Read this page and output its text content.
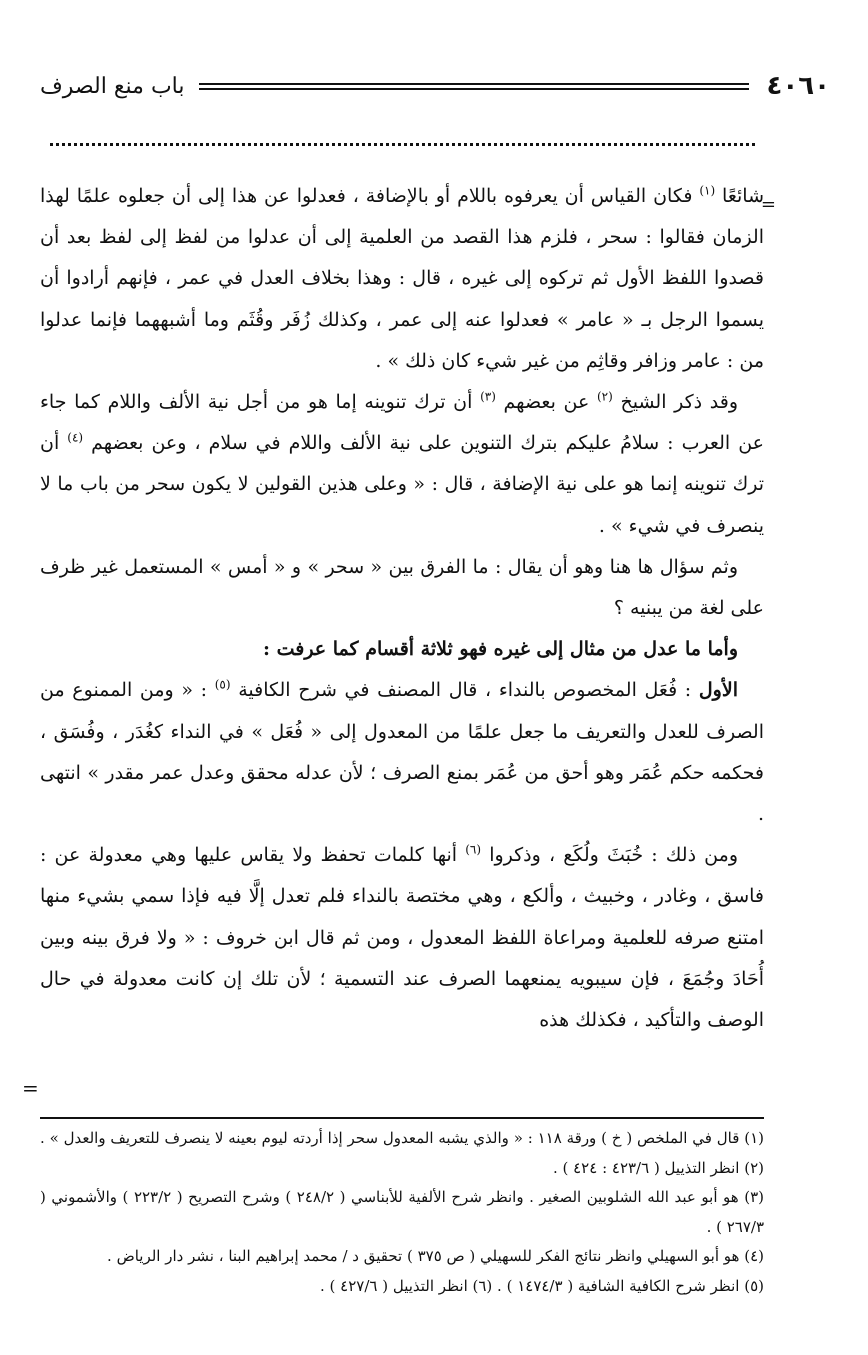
٤٠٦٠
باب منع الصرف
=

شائعًا $^{(١)}$ فكان القياس أن يعرفوه باللام أو بالإضافة ، فعدلوا عن هذا إلى أن جعلوه علمًا لهذا الزمان فقالوا : سحر ، فلزم هذا القصد من العلمية إلى أن عدلوا من لفظ إلى لفظ بعد أن قصدوا اللفظ الأول ثم تركوه إلى غيره ، قال : وهذا بخلاف العدل في عمر ، فإنهم أرادوا أن يسموا الرجل بـ « عامر » فعدلوا عنه إلى عمر ، وكذلك زُفَر وقُثَم وما أشبههما فإنما عدلوا من : عامر وزافر وقاثِم من غير شيء كان ذلك » .

وقد ذكر الشيخ $^{(٢)}$ عن بعضهم $^{(٣)}$ أن ترك تنوينه إما هو من أجل نية الألف واللام كما جاء عن العرب : سلامُ عليكم بترك التنوين على نية الألف واللام في سلام ، وعن بعضهم $^{(٤)}$ أن ترك تنوينه إنما هو على نية الإضافة ، قال : « وعلى هذين القولين لا يكون سحر من باب ما لا ينصرف في شيء » .

وثم سؤال ها هنا وهو أن يقال : ما الفرق بين « سحر » و « أمس » المستعمل غير ظرف على لغة من يبنيه ؟

وأما ما عدل من مثال إلى غيره فهو ثلاثة أقسام كما عرفت :

الأول : فُعَل المخصوص بالنداء ، قال المصنف في شرح الكافية $^{(٥)}$ : « ومن الممنوع من الصرف للعدل والتعريف ما جعل علمًا من المعدول إلى « فُعَل » في النداء كغُدَر ، وفُسَق ، فحكمه حكم عُمَر وهو أحق من عُمَر بمنع الصرف ؛ لأن عدله محقق وعدل عمر مقدر » انتهى .

ومن ذلك : خُبَثَ ولُكَع ، وذكروا $^{(٦)}$ أنها كلمات تحفظ ولا يقاس عليها وهي معدولة عن : فاسق ، وغادر ، وخبيث ، وألكع ، وهي مختصة بالنداء فلم تعدل إلَّا فيه فإذا سمي بشيء منها امتنع صرفه للعلمية ومراعاة اللفظ المعدول ، ومن ثم قال ابن خروف : « ولا فرق بينه وبين أُحَادَ وجُمَعَ ، فإن سيبويه يمنعهما الصرف عند التسمية ؛ لأن تلك إن كانت معدولة في حال الوصف والتأكيد ، فكذلك هذه

=

(١) قال في الملخص ( خ ) ورقة ١١٨ : « والذي يشبه المعدول سحر إذا أردته ليوم بعينه لا ينصرف للتعريف والعدل » . (٢) انظر التذييل ( ٤٢٣/٦ : ٤٢٤ ) .

(٣) هو أبو عبد الله الشلوبين الصغير . وانظر شرح الألفية للأبناسي ( ٢٤٨/٢ ) وشرح التصريح ( ٢٢٣/٢ ) والأشموني ( ٢٦٧/٣ ) .

(٤) هو أبو السهيلي وانظر نتائج الفكر للسهيلي ( ص ٣٧٥ ) تحقيق د / محمد إبراهيم البنا ، نشر دار الرياض .

(٥) انظر شرح الكافية الشافية ( ١٤٧٤/٣ ) . (٦) انظر التذييل ( ٤٢٧/٦ ) .
